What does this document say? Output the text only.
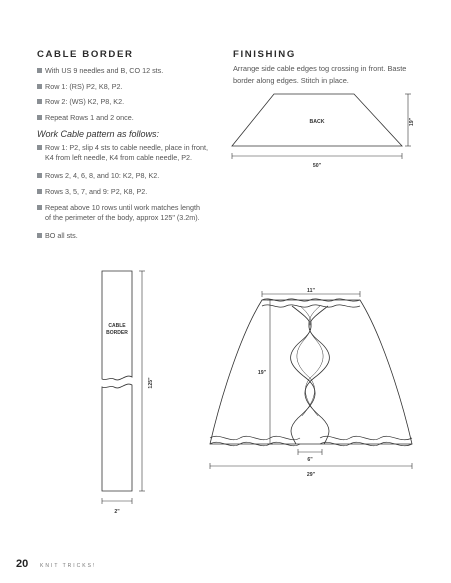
CABLE BORDER
With US 9 needles and B, CO 12 sts.
Row 1: (RS) P2, K8, P2.
Row 2: (WS) K2, P8, K2.
Repeat Rows 1 and 2 once.
Work Cable pattern as follows:
Row 1: P2, slip 4 sts to cable needle, place in front,
K4 from left needle, K4 from cable needle, P2.
Rows 2, 4, 6, 8, and 10: K2, P8, K2.
Rows 3, 5, 7, and 9: P2, K8, P2.
Repeat above 10 rows until work matches length
of the perimeter of the body, approx 125" (3.2m).
BO all sts.
FINISHING
Arrange side cable edges tog crossing in front. Baste
border along edges. Stitch in place.
BACK	19"
50"
CABLE
BORDER
125"
2"
11"
19"
6"
29"
20 KNIT TRICKS!
